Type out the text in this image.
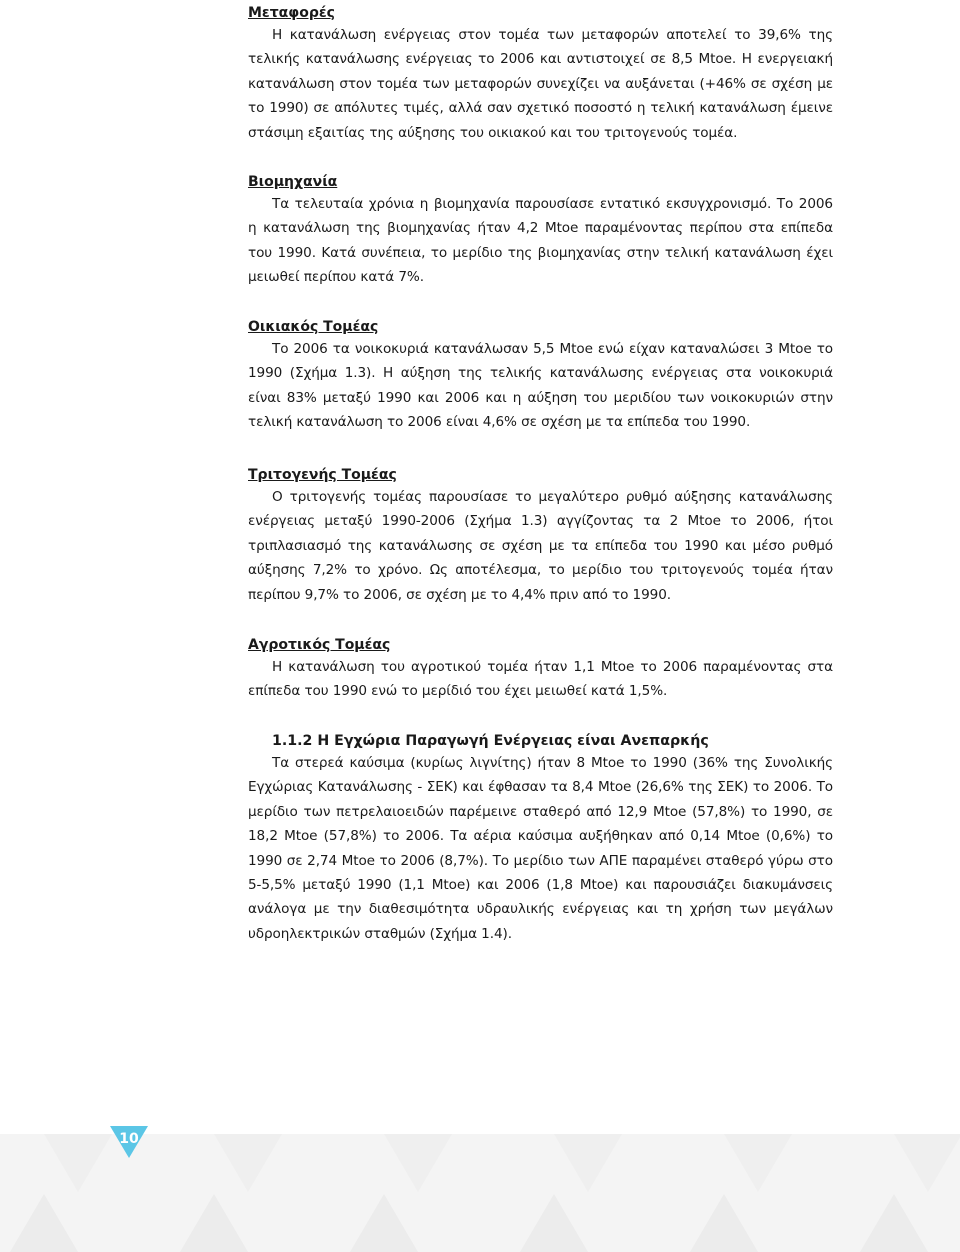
Μεταφορές

Η κατανάλωση ενέργειας στον τομέα των μεταφορών αποτελεί το 39,6% της τελικής κατανάλωσης ενέργειας το 2006 και αντιστοιχεί σε 8,5 Mtoe. Η ενεργειακή κατανάλωση στον τομέα των μεταφορών συνεχίζει να αυξάνεται (+46% σε σχέση με το 1990) σε απόλυτες τιμές, αλλά σαν σχετικό ποσοστό η τελική κατανάλωση έμεινε στάσιμη εξαιτίας της αύξησης του οικιακού και του τριτογενούς τομέα.

Βιομηχανία

Τα τελευταία χρόνια η βιομηχανία παρουσίασε εντατικό εκσυγχρονισμό. Το 2006 η κατανάλωση της βιομηχανίας ήταν 4,2 Mtoe παραμένοντας περίπου στα επίπεδα του 1990. Κατά συνέπεια, το μερίδιο της βιομηχανίας στην τελική κατανάλωση έχει μειωθεί περίπου κατά 7%.

Οικιακός Τομέας

Το 2006 τα νοικοκυριά κατανάλωσαν 5,5 Mtoe ενώ είχαν καταναλώσει 3 Mtoe το 1990 (Σχήμα 1.3). Η αύξηση της τελικής κατανάλωσης ενέργειας στα νοικοκυριά είναι 83% μεταξύ 1990 και 2006 και η αύξηση του μεριδίου των νοικοκυριών στην τελική κατανάλωση το 2006 είναι 4,6% σε σχέση με τα επίπεδα του 1990.

Τριτογενής Τομέας

Ο τριτογενής τομέας παρουσίασε το μεγαλύτερο ρυθμό αύξησης κατανάλωσης ενέργειας μεταξύ 1990-2006 (Σχήμα 1.3) αγγίζοντας τα 2 Mtoe το 2006, ήτοι τριπλασιασμό της κατανάλωσης σε σχέση με τα επίπεδα του 1990 και μέσο ρυθμό αύξησης 7,2% το χρόνο. Ως αποτέλεσμα, το μερίδιο του τριτογενούς τομέα ήταν περίπου 9,7% το 2006, σε σχέση με το 4,4% πριν από το 1990.

Αγροτικός Τομέας

Η κατανάλωση του αγροτικού τομέα ήταν 1,1 Mtoe το 2006 παραμένοντας στα επίπεδα του 1990 ενώ το μερίδιό του έχει μειωθεί κατά 1,5%.

1.1.2 Η Εγχώρια Παραγωγή Ενέργειας είναι Ανεπαρκής

Τα στερεά καύσιμα (κυρίως λιγνίτης) ήταν 8 Mtoe το 1990 (36% της Συνολικής Εγχώριας Κατανάλωσης - ΣΕΚ) και έφθασαν τα 8,4 Mtoe (26,6% της ΣΕΚ) το 2006. Το μερίδιο των πετρελαιοειδών παρέμεινε σταθερό από 12,9 Mtoe (57,8%) το 1990, σε 18,2 Mtoe (57,8%) το 2006. Τα αέρια καύσιμα αυξήθηκαν από 0,14 Mtoe (0,6%) το 1990 σε 2,74 Mtoe το 2006 (8,7%). Το μερίδιο των ΑΠΕ παραμένει σταθερό γύρω στο 5-5,5% μεταξύ 1990 (1,1 Mtoe) και 2006 (1,8 Mtoe) και παρουσιάζει διακυμάνσεις ανάλογα με την διαθεσιμότητα υδραυλικής ενέργειας και τη χρήση των μεγάλων υδροηλεκτρικών σταθμών (Σχήμα 1.4).

10
